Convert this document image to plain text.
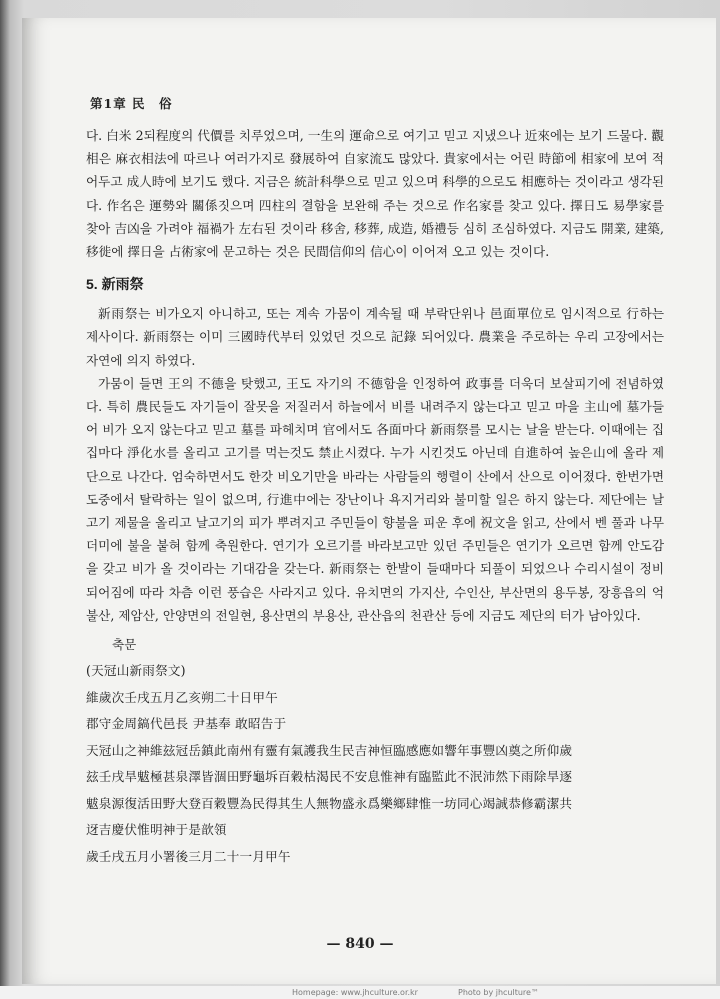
第1章 民　俗

다. 白米 2되程度의 代價를 치루었으며, 一生의 運命으로 여기고 믿고 지냈으나 近來에는 보기 드물다. 觀相은 麻衣相法에 따르나 여러가지로 發展하여 自家流도 많았다. 貴家에서는 어린 時節에 相家에 보여 적어두고 成人時에 보기도 했다. 지금은 統計科學으로 믿고 있으며 科學的으로도 相應하는 것이라고 생각된다. 作名은 運勢와 關係짓으며 四柱의 결함을 보완해 주는 것으로 作名家를 찾고 있다. 擇日도 易學家를 찾아 吉凶을 가려야 福禍가 左右된 것이라 移舍, 移葬, 成造, 婚禮등 심히 조심하였다. 지금도 開業, 建築, 移徙에 擇日을 占術家에 문고하는 것은 民間信仰의 信心이 이어져 오고 있는 것이다.

5. 新雨祭

新雨祭는 비가오지 아니하고, 또는 계속 가뭄이 계속될 때 부락단위나 邑面單位로 임시적으로 行하는 제사이다. 新雨祭는 이미 三國時代부터 있었던 것으로 記錄 되어있다. 農業을 주로하는 우리 고장에서는 자연에 의지 하였다.

가뭄이 들면 王의 不德을 탓했고, 王도 자기의 不德함을 인정하여 政事를 더욱더 보살피기에 전념하였다. 특히 農民들도 자기들이 잘못을 저질러서 하늘에서 비를 내려주지 않는다고 믿고 마을 主山에 墓가들어 비가 오지 않는다고 믿고 墓를 파헤치며 官에서도 各面마다 新雨祭를 모시는 날을 받는다. 이때에는 집집마다 淨化水를 올리고 고기를 먹는것도 禁止시켰다. 누가 시킨것도 아닌데 自進하여 높은山에 올라 제단으로 나간다. 엄숙하면서도 한갓 비오기만을 바라는 사람들의 행렬이 산에서 산으로 이어졌다. 한번가면 도중에서 탈락하는 일이 없으며, 行進中에는 장난이나 욕지거리와 불미할 일은 하지 않는다. 제단에는 날고기 제물을 올리고 날고기의 피가 뿌려지고 주민들이 향불을 피운 후에 祝文을 읽고, 산에서 벤 풀과 나무더미에 불을 붙혀 함께 축원한다. 연기가 오르기를 바라보고만 있던 주민들은 연기가 오르면 함께 안도감을 갖고 비가 올 것이라는 기대감을 갖는다. 新雨祭는 한발이 들때마다 되풀이 되었으나 수리시설이 정비 되어짐에 따라 차츰 이런 풍습은 사라지고 있다. 유치면의 가지산, 수인산, 부산면의 용두봉, 장흥읍의 억불산, 제암산, 안양면의 전일현, 용산면의 부용산, 관산읍의 천관산 등에 지금도 제단의 터가 남아있다.

축문
(天冠山新雨祭文)
維歲次壬戌五月乙亥朔二十日甲午
郡守金周鎬代邑長 尹基奉 敢昭告于
天冠山之神維玆冠岳鎮此南州有靈有氣護我生民吉神恒臨感應如響年事豐凶奠之所仰歲
玆壬戌旱魃極甚泉澤皆涸田野龜坼百穀枯渴民不安息惟神有臨監此不泯沛然下雨除旱逐
魃泉源復活田野大登百穀豐為民得其生人無物盛永爲樂鄉肆惟一坊同心竭誠恭修霸潔共
迓吉慶伏惟明神于是歆領
歲壬戌五月小署後三月二十一月甲午
— 840 —
Homepage: www.jhculture.or.kr	Photo by jhculture™
